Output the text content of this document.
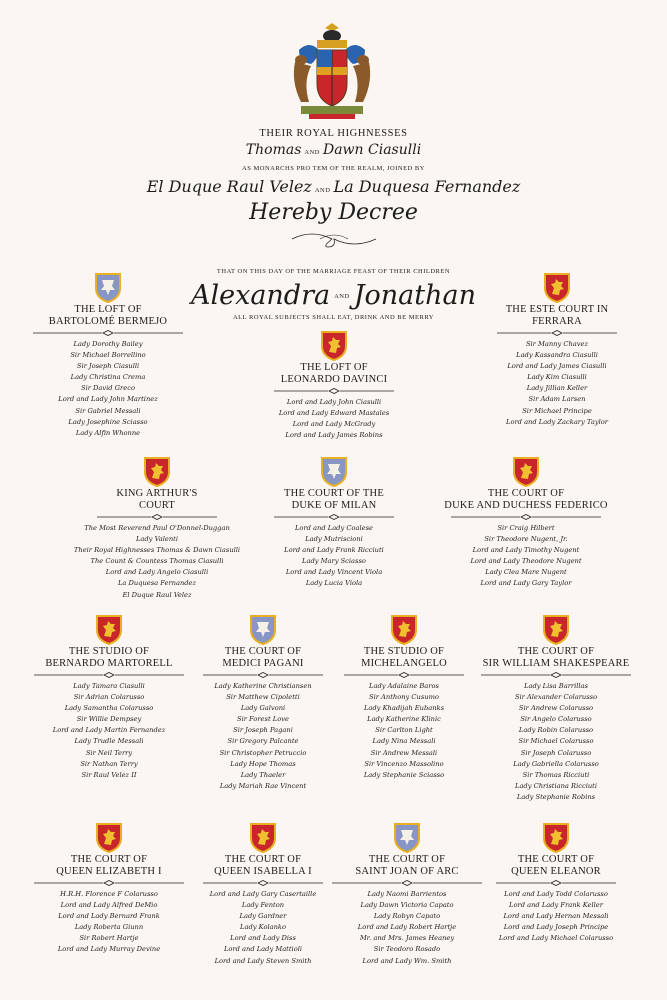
THEIR ROYAL HIGHNESSES
Thomas AND Dawn Ciasulli
AS MONARCHS PRO TEM OF THE REALM, JOINED BY
El Duque Raul Velez AND La Duquesa Fernandez
Hereby Decree
THAT ON THIS DAY OF THE MARRIAGE FEAST OF THEIR CHILDREN
Alexandra AND Jonathan
ALL ROYAL SUBJECTS SHALL EAT, DRINK AND BE MERRY
THE LOFT OF
BARTOLOMÉ BERMEJO
Lady Dorothy Bailey
Sir Michael Borrellino
Sir Joseph Ciasulli
Lady Christina Crema
Sir David Greco
Lord and Lady John Martinez
Sir Gabriel Messali
Lady Josephine Sciasso
Lady Alfin Whonne
THE LOFT OF
LEONARDO DAVINCI
Lord and Lady John Ciasulli
Lord and Lady Edward Mastales
Lord and Lady McGrady
Lord and Lady James Robins
THE ESTE COURT IN
FERRARA
Sir Manny Chavez
Lady Kassandra Ciasulli
Lord and Lady James Ciasulli
Lady Kim Ciasulli
Lady Jillian Keller
Sir Adam Larsen
Sir Michael Principe
Lord and Lady Zackary Taylor
KING ARTHUR'S
COURT
The Most Reverend Paul O'Donnel-Duggan
Lady Valenti
Their Royal Highnesses Thomas & Dawn Ciasulli
The Count & Countess Thomas Ciasulli
Lord and Lady Angelo Ciasulli
La Duquesa Fernandez
El Duque Raul Velez
THE COURT OF THE
DUKE OF MILAN
Lord and Lady Coalese
Lady Mutriscioni
Lord and Lady Frank Ricciuti
Lady Mary Sciasso
Lord and Lady Vincent Viola
Lady Lucia Viola
THE COURT OF
DUKE AND DUCHESS FEDERICO
Sir Craig Hilbert
Sir Theodore Nugent, Jr.
Lord and Lady Timothy Nugent
Lord and Lady Theodore Nugent
Lady Clea Mare Nugent
Lord and Lady Gary Taylor
THE STUDIO OF
BERNARDO MARTORELL
Lady Tamara Ciasulli
Sir Adrian Colarusso
Lady Samantha Colarusso
Sir Willie Dempsey
Lord and Lady Martin Fernandez
Lady Trudle Messali
Sir Neil Terry
Sir Nathan Terry
Sir Raul Velez II
THE COURT OF
MEDICI PAGANI
Lady Katherine Christiansen
Sir Matthew Cipoletti
Lady Galvoni
Sir Forest Love
Sir Joseph Pagani
Sir Gregory Palcante
Sir Christopher Petruccio
Lady Hope Thomas
Lady Thaeler
Lady Mariah Rae Vincent
THE STUDIO OF
MICHELANGELO
Lady Adalaine Baros
Sir Anthony Cusumo
Lady Khadijah Eubanks
Lady Katherine Klinic
Sir Carlton Light
Lady Nina Messali
Sir Andrew Messali
Sir Vincenzo Massolino
Lady Stephanie Sciasso
THE COURT OF
SIR WILLIAM SHAKESPEARE
Lady Lisa Barrillas
Sir Alexander Colarusso
Sir Andrew Colarusso
Sir Angelo Colarusso
Lady Robin Colarusso
Sir Michael Colarusso
Sir Joseph Colarusso
Lady Gabriella Colarusso
Sir Thomas Ricciuti
Lady Christiana Ricciuti
Lady Stephanie Robins
THE COURT OF
QUEEN ELIZABETH I
H.R.H. Florence F Colarusso
Lord and Lady Alfred DeMio
Lord and Lady Bernard Frank
Lady Roberta Giunn
Sir Robert Hartje
Lord and Lady Murray Devine
THE COURT OF
QUEEN ISABELLA I
Lord and Lady Gary Casertaille
Lady Fenton
Lady Gardner
Lady Kolanko
Lord and Lady Diss
Lord and Lady Mattioli
Lord and Lady Steven Smith
THE COURT OF
SAINT JOAN OF ARC
Lady Naomi Barrientos
Lady Dawn Victoria Capato
Lady Robyn Capato
Lord and Lady Robert Hartje
Mr. and Mrs. James Heaney
Sir Teodoro Rosado
Lord and Lady Wm. Smith
THE COURT OF
QUEEN ELEANOR
Lord and Lady Todd Colarusso
Lord and Lady Frank Keller
Lord and Lady Hernan Messali
Lord and Lady Joseph Principe
Lord and Lady Michael Colarusso
